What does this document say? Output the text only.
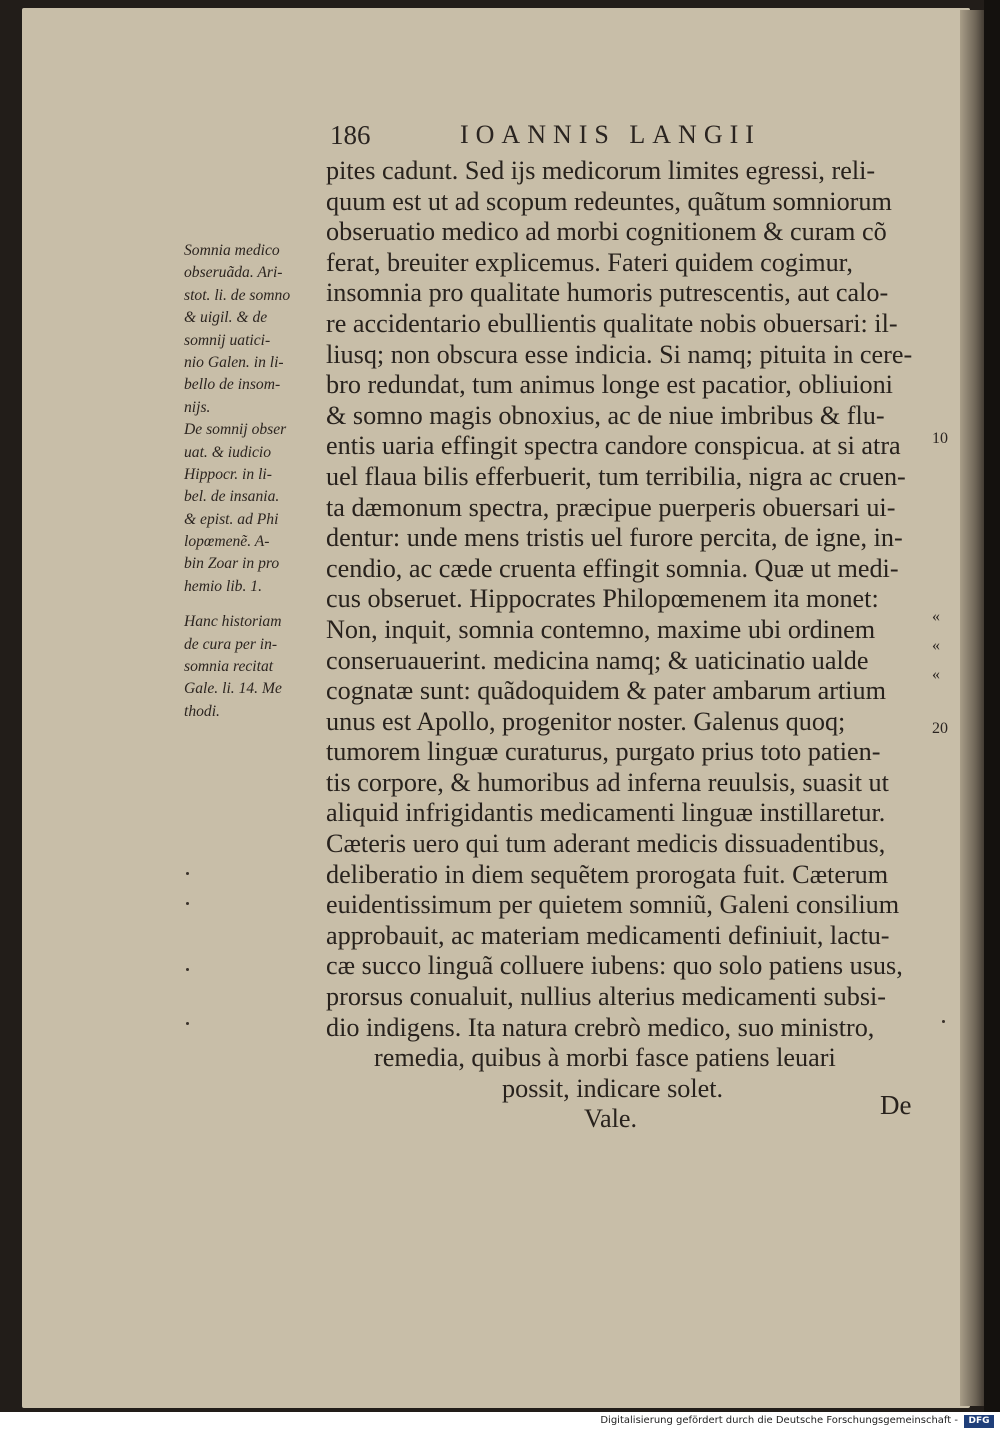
186	IOANNIS LANGII
pites cadunt. Sed ijs medicorum limites egressi, reli-
quum est ut ad scopum redeuntes, quãtum somniorum
obseruatio medico ad morbi cognitionem & curam cõ
ferat, breuiter explicemus. Fateri quidem cogimur,
insomnia pro qualitate humoris putrescentis, aut calo-
re accidentario ebullientis qualitate nobis obuersari: il-
liusq; non obscura esse indicia. Si namq; pituita in cere-
bro redundat, tum animus longe est pacatior, obliuioni
& somno magis obnoxius, ac de niue imbribus & flu-
entis uaria effingit spectra candore conspicua. at si atra
uel flaua bilis efferbuerit, tum terribilia, nigra ac cruen-
ta dæmonum spectra, præcipue puerperis obuersari ui-
dentur: unde mens tristis uel furore percita, de igne, in-
cendio, ac cæde cruenta effingit somnia. Quæ ut medi-
cus obseruet. Hippocrates Philopœmenem ita monet:
Non, inquit, somnia contemno, maxime ubi ordinem
conseruauerint. medicina namq; & uaticinatio ualde
cognatæ sunt: quãdoquidem & pater ambarum artium
unus est Apollo, progenitor noster. Galenus quoq;
tumorem linguæ curaturus, purgato prius toto patien-
tis corpore, & humoribus ad inferna reuulsis, suasit ut
aliquid infrigidantis medicamenti linguæ instillaretur.
Cæteris uero qui tum aderant medicis dissuadentibus,
deliberatio in diem sequẽtem prorogata fuit. Cæterum
euidentissimum per quietem somniũ, Galeni consilium
approbauit, ac materiam medicamenti definiuit, lactu-
cæ succo linguã colluere iubens: quo solo patiens usus,
prorsus conualuit, nullius alterius medicamenti subsi-
dio indigens. Ita natura crebrò medico, suo ministro,
remedia, quibus à morbi fasce patiens leuari
possit, indicare solet.
Vale.	De
Somnia medico
obseruãda. Ari-
stot. li. de somno
& uigil. & de
somnij uatici-
nio Galen. in li-
bello de insom-
nijs.
De somnij obser
uat. & iudicio
Hippocr. in li-
bel. de insania.
& epist. ad Phi
lopœmenẽ. A-
bin Zoar in pro
hemio lib. 1.
Hanc historiam
de cura per in-
somnia recitat
Gale. li. 14. Me
thodi.
10
«
«
«
20
Digitalisierung gefördert durch die Deutsche Forschungsgemeinschaft -	DFG
